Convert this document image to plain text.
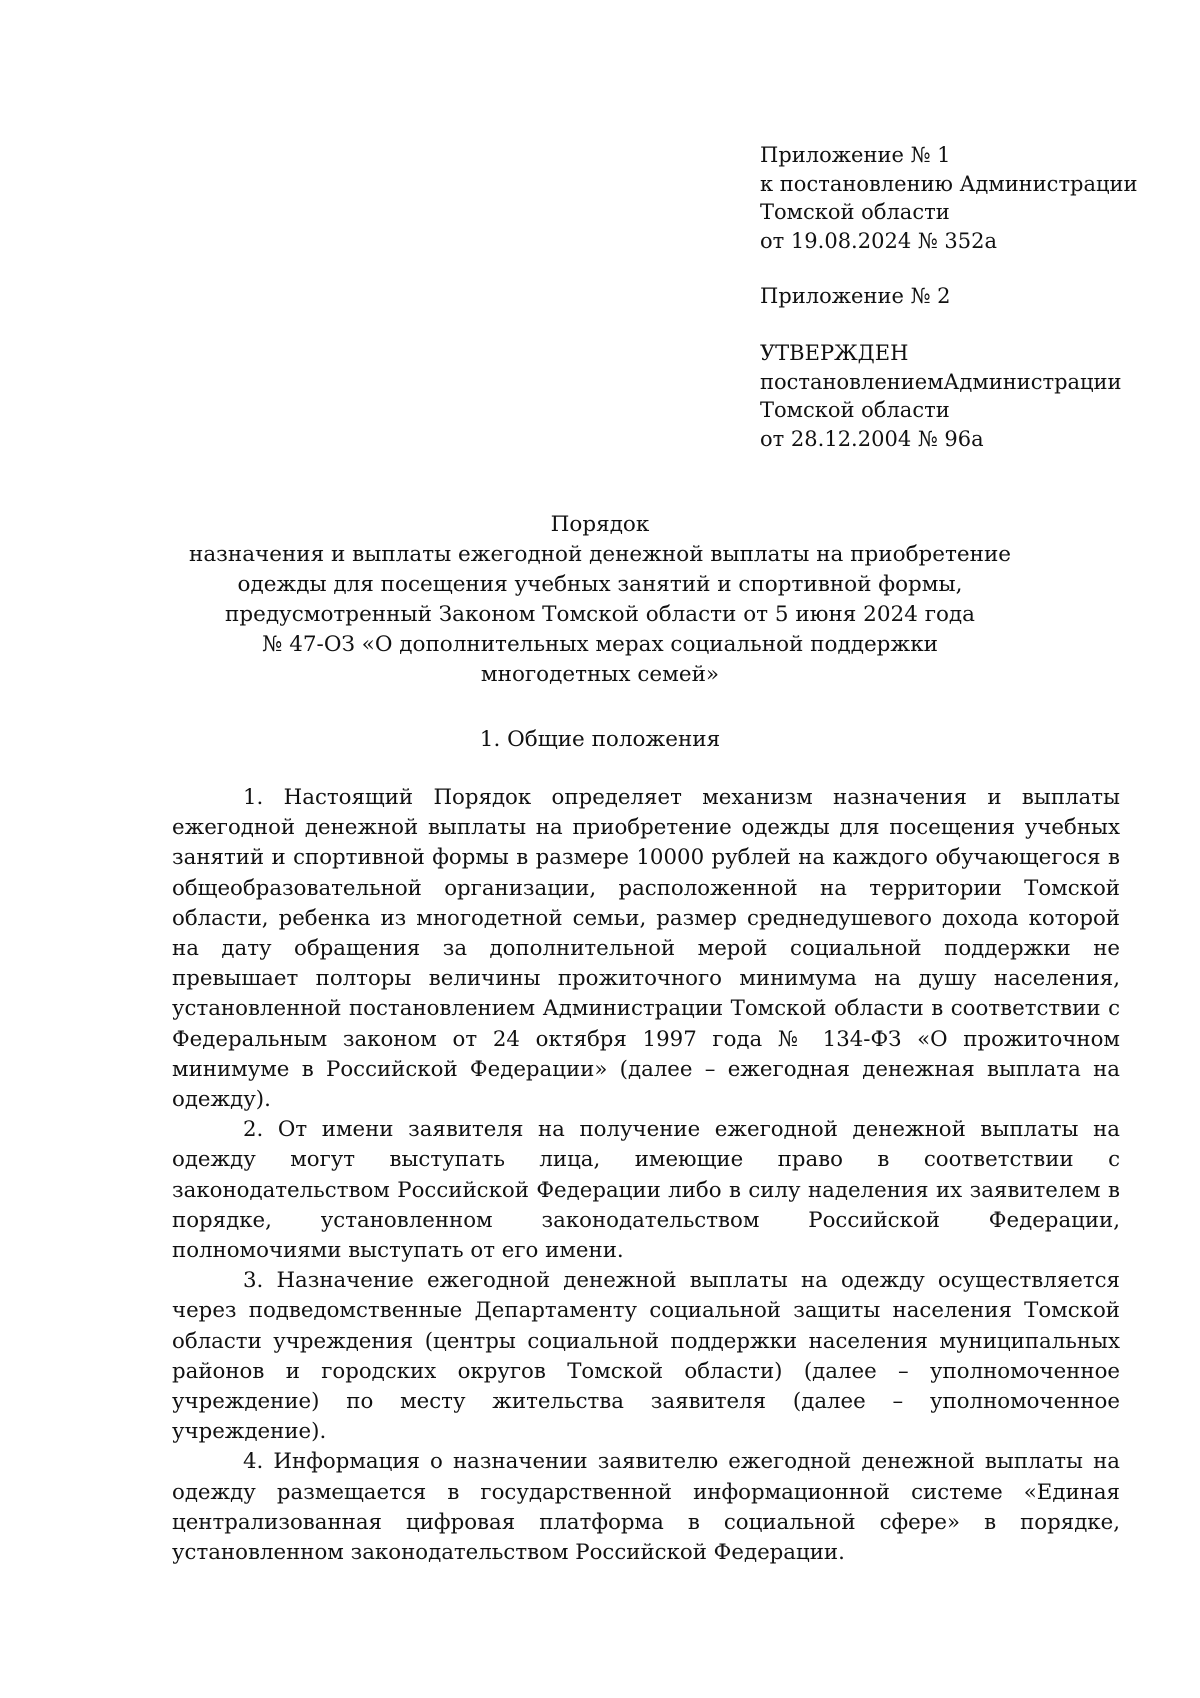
Приложение № 1
к постановлению Администрации
Томской области
от 19.08.2024 № 352а
Приложение № 2
УТВЕРЖДЕН
постановлением Администрации
Томской области
от 28.12.2004 № 96а
Порядок
назначения и выплаты ежегодной денежной выплаты на приобретение
одежды для посещения учебных занятий и спортивной формы,
предусмотренный Законом Томской области от 5 июня 2024 года
№ 47-ОЗ «О дополнительных мерах социальной поддержки
многодетных семей»
1. Общие положения

1. Настоящий Порядок определяет механизм назначения и выплаты ежегодной денежной выплаты на приобретение одежды для посещения учебных занятий и спортивной формы в размере 10000 рублей на каждого обучающегося в общеобразовательной организации, расположенной на территории Томской области, ребенка из многодетной семьи, размер среднедушевого дохода которой на дату обращения за дополнительной мерой социальной поддержки не превышает полторы величины прожиточного минимума на душу населения, установленной постановлением Администрации Томской области в соответствии с Федеральным законом от 24 октября 1997 года № 134-ФЗ «О прожиточном минимуме в Российской Федерации» (далее – ежегодная денежная выплата на одежду).

2. От имени заявителя на получение ежегодной денежной выплаты на одежду могут выступать лица, имеющие право в соответствии с законодательством Российской Федерации либо в силу наделения их заявителем в порядке, установленном законодательством Российской Федерации, полномочиями выступать от его имени.

3. Назначение ежегодной денежной выплаты на одежду осуществляется через подведомственные Департаменту социальной защиты населения Томской области учреждения (центры социальной поддержки населения муниципальных районов и городских округов Томской области) (далее – уполномоченное учреждение) по месту жительства заявителя (далее – уполномоченное учреждение).

4. Информация о назначении заявителю ежегодной денежной выплаты на одежду размещается в государственной информационной системе «Единая централизованная цифровая платформа в социальной сфере» в порядке, установленном законодательством Российской Федерации.
